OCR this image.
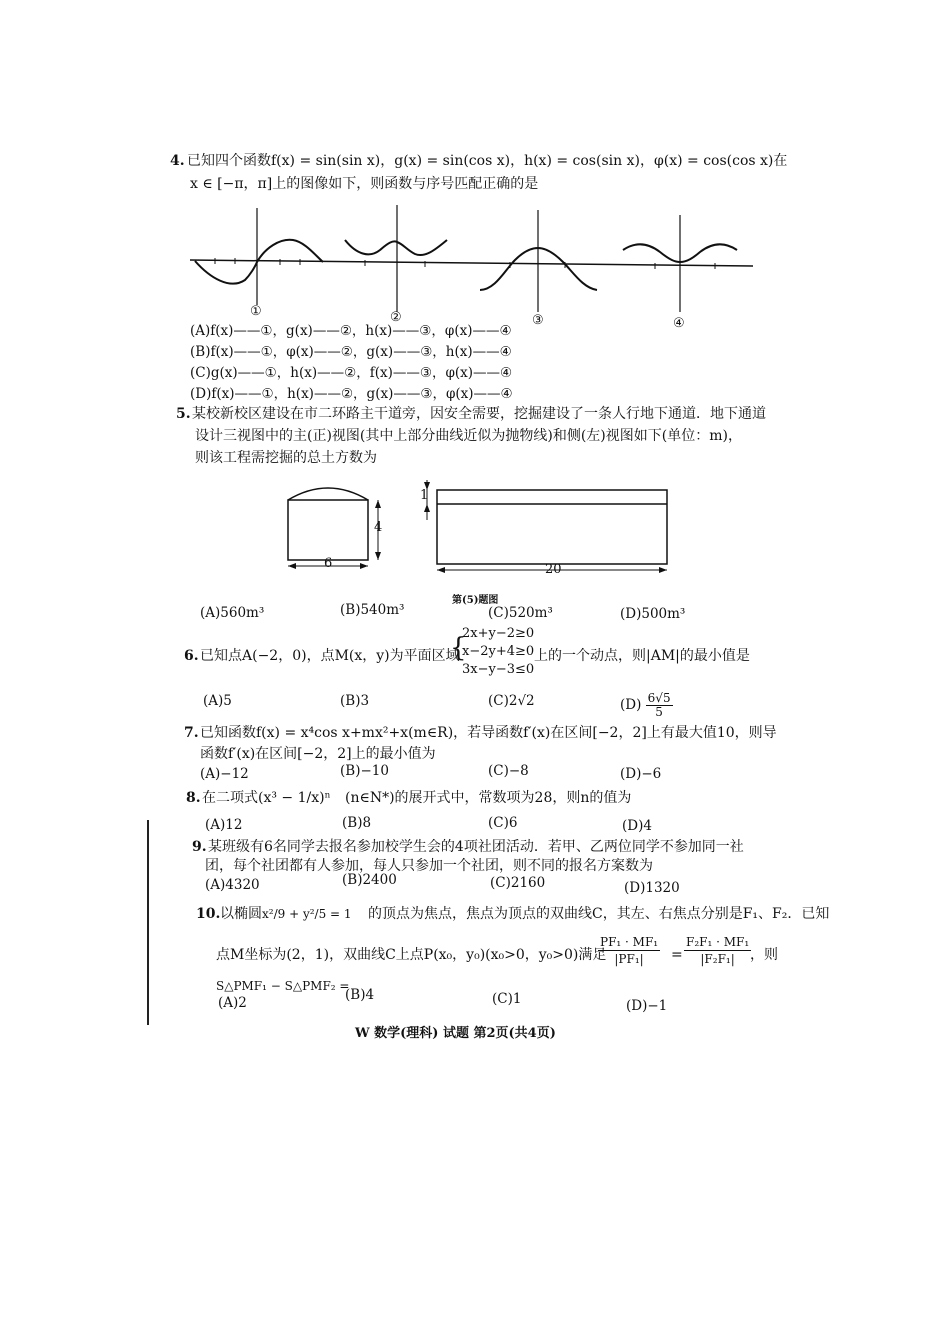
4. 已知四个函数f(x) = sin(sin x)，g(x) = sin(cos x)，h(x) = cos(sin x)，φ(x) = cos(cos x)在
x ∈ [−π，π]上的图像如下，则函数与序号匹配正确的是
①	②	③	④
(A)f(x)——①，g(x)——②，h(x)——③，φ(x)——④
(B)f(x)——①，φ(x)——②，g(x)——③，h(x)——④
(C)g(x)——①，h(x)——②，f(x)——③，φ(x)——④
(D)f(x)——①，h(x)——②，g(x)——③，φ(x)——④
5. 某校新校区建设在市二环路主干道旁，因安全需要，挖掘建设了一条人行地下通道．地下通道
设计三视图中的主(正)视图(其中上部分曲线近似为抛物线)和侧(左)视图如下(单位：m)，
则该工程需挖掘的总土方数为
4
6
1
20
第(5)题图
(A)560m³	(B)540m³	(C)520m³	(D)500m³
6. 已知点A(−2，0)，点M(x，y)为平面区域
{
2x+y−2≥0
x−2y+4≥0
3x−y−3≤0
上的一个动点，则|AM|的最小值是
(A)5	(B)3	(C)2√2	$(D) \frac{6√5}{5}$
7. 已知函数f(x) = x⁴cos x+mx²+x(m∈R)，若导函数f′(x)在区间[−2，2]上有最大值10，则导
函数f′(x)在区间[−2，2]上的最小值为
(A)−12	(B)−10	(C)−8	(D)−6
8. 在二项式 (x³ − 1/x)ⁿ (n∈N*)的展开式中，常数项为28，则n的值为
(A)12	(B)8	(C)6	(D)4
9. 某班级有6名同学去报名参加校学生会的4项社团活动．若甲、乙两位同学不参加同一社
团，每个社团都有人参加，每人只参加一个社团，则不同的报名方案数为
(A)4320	(B)2400	(C)2160	(D)1320
10. 以椭圆 x²/9 + y²/5 = 1 的顶点为焦点，焦点为顶点的双曲线C，其左、右焦点分别是F₁、F₂．已知
点M坐标为(2，1)，双曲线C上点P(x₀，y₀)(x₀>0，y₀>0)满足
$\frac{\text{PF₁ · MF₁}}{\text{|PF₁|}} = \frac{\text{F₂F₁ · MF₁}}{\text{|F₂F₁|}}$
，则
S△PMF₁ − S△PMF₂ =
(A)2	(B)4	(C)1	(D)−1
W 数学(理科) 试题 第2页(共4页)
